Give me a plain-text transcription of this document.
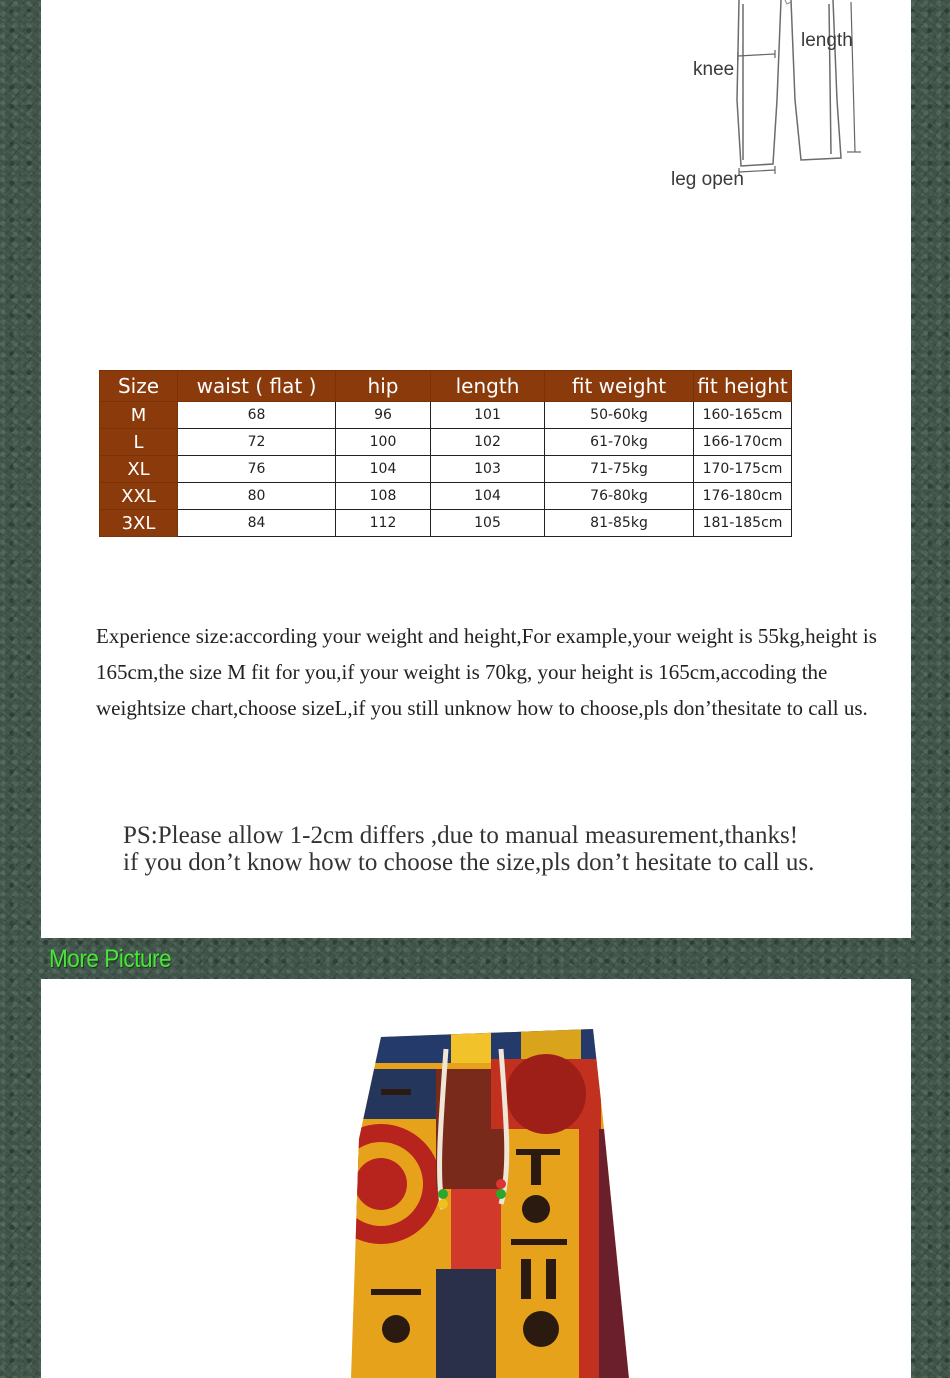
length
knee
leg open
Size	waist ( flat )	hip	length	fit weight	fit height
M	68	96	101	50-60kg	160-165cm
L	72	100	102	61-70kg	166-170cm
XL	76	104	103	71-75kg	170-175cm
XXL	80	108	104	76-80kg	176-180cm
3XL	84	112	105	81-85kg	181-185cm

Experience size:according your weight and height,For example,your weight is 55kg,height is 165cm,the size M fit for you,if your weight is 70kg, your height is 165cm,accoding the weightsize chart,choose sizeL,if you still unknow how to choose,pls don’thesitate to call us.

PS:Please allow 1-2cm differs ,due to manual measurement,thanks!
if you don’t know how to choose the size,pls don’t hesitate to call us.
More Picture
